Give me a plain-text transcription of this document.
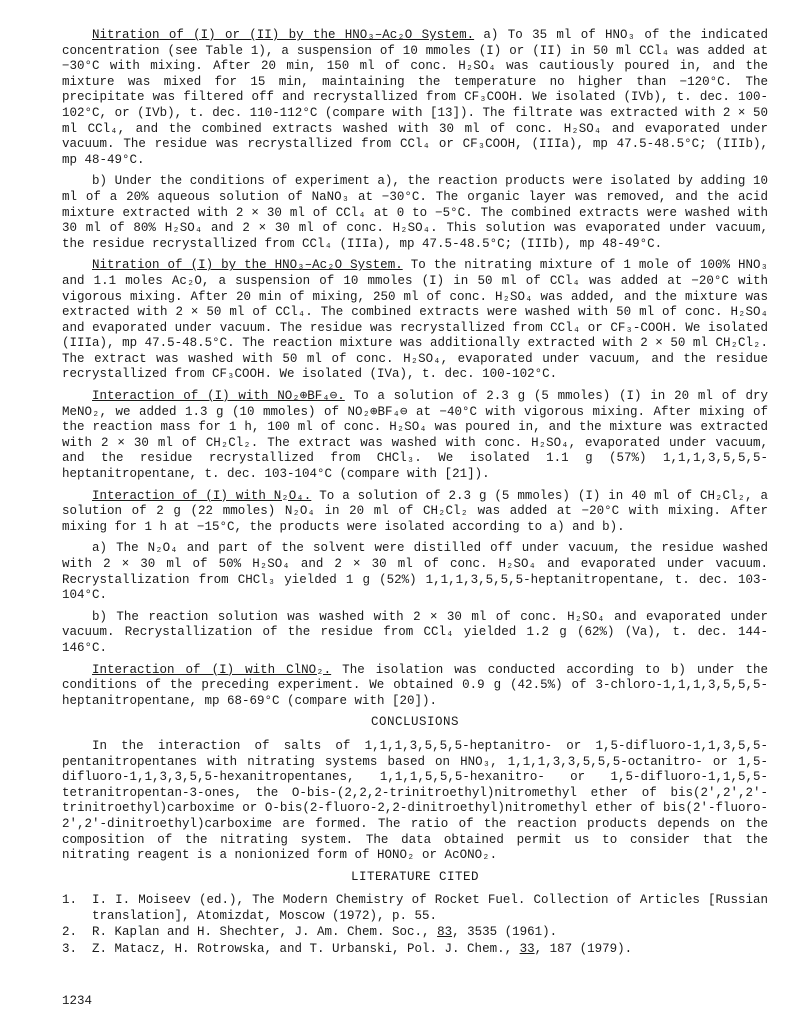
Nitration of (I) or (II) by the HNO₃–Ac₂O System. a) To 35 ml of HNO₃ of the indicated concentration (see Table 1), a suspension of 10 mmoles (I) or (II) in 50 ml CCl₄ was added at −30°C with mixing. After 20 min, 150 ml of conc. H₂SO₄ was cautiously poured in, and the mixture was mixed for 15 min, maintaining the temperature no higher than −120°C. The precipitate was filtered off and recrystallized from CF₃COOH. We isolated (IVb), t. dec. 100-102°C, or (IVb), t. dec. 110-112°C (compare with [13]). The filtrate was extracted with 2 × 50 ml CCl₄, and the combined extracts washed with 30 ml of conc. H₂SO₄ and evaporated under vacuum. The residue was recrystallized from CCl₄ or CF₃COOH, (IIIa), mp 47.5-48.5°C; (IIIb), mp 48-49°C.

b) Under the conditions of experiment a), the reaction products were isolated by adding 10 ml of a 20% aqueous solution of NaNO₃ at −30°C. The organic layer was removed, and the acid mixture extracted with 2 × 30 ml of CCl₄ at 0 to −5°C. The combined extracts were washed with 30 ml of 80% H₂SO₄ and 2 × 30 ml of conc. H₂SO₄. This solution was evaporated under vacuum, the residue recrystallized from CCl₄ (IIIa), mp 47.5-48.5°C; (IIIb), mp 48-49°C.

Nitration of (I) by the HNO₃–Ac₂O System. To the nitrating mixture of 1 mole of 100% HNO₃ and 1.1 moles Ac₂O, a suspension of 10 mmoles (I) in 50 ml of CCl₄ was added at −20°C with vigorous mixing. After 20 min of mixing, 250 ml of conc. H₂SO₄ was added, and the mixture was extracted with 2 × 50 ml of CCl₄. The combined extracts were washed with 50 ml of conc. H₂SO₄ and evaporated under vacuum. The residue was recrystallized from CCl₄ or CF₃-COOH. We isolated (IIIa), mp 47.5-48.5°C. The reaction mixture was additionally extracted with 2 × 50 ml CH₂Cl₂. The extract was washed with 50 ml of conc. H₂SO₄, evaporated under vacuum, and the residue recrystallized from CF₃COOH. We isolated (IVa), t. dec. 100-102°C.

Interaction of (I) with NO₂⊕BF₄⊖. To a solution of 2.3 g (5 mmoles) (I) in 20 ml of dry MeNO₂, we added 1.3 g (10 mmoles) of NO₂⊕BF₄⊖ at −40°C with vigorous mixing. After mixing of the reaction mass for 1 h, 100 ml of conc. H₂SO₄ was poured in, and the mixture was extracted with 2 × 30 ml of CH₂Cl₂. The extract was washed with conc. H₂SO₄, evaporated under vacuum, and the residue recrystallized from CHCl₃. We isolated 1.1 g (57%) 1,1,1,3,5,5,5-heptanitropentane, t. dec. 103-104°C (compare with [21]).

Interaction of (I) with N₂O₄. To a solution of 2.3 g (5 mmoles) (I) in 40 ml of CH₂Cl₂, a solution of 2 g (22 mmoles) N₂O₄ in 20 ml of CH₂Cl₂ was added at −20°C with mixing. After mixing for 1 h at −15°C, the products were isolated according to a) and b).

a) The N₂O₄ and part of the solvent were distilled off under vacuum, the residue washed with 2 × 30 ml of 50% H₂SO₄ and 2 × 30 ml of conc. H₂SO₄ and evaporated under vacuum. Recrystallization from CHCl₃ yielded 1 g (52%) 1,1,1,3,5,5,5-heptanitropentane, t. dec. 103-104°C.

b) The reaction solution was washed with 2 × 30 ml of conc. H₂SO₄ and evaporated under vacuum. Recrystallization of the residue from CCl₄ yielded 1.2 g (62%) (Va), t. dec. 144-146°C.

Interaction of (I) with ClNO₂. The isolation was conducted according to b) under the conditions of the preceding experiment. We obtained 0.9 g (42.5%) of 3-chloro-1,1,1,3,5,5,5-heptanitropentane, mp 68-69°C (compare with [20]).

CONCLUSIONS

In the interaction of salts of 1,1,1,3,5,5,5-heptanitro- or 1,5-difluoro-1,1,3,5,5-pentanitropentanes with nitrating systems based on HNO₃, 1,1,1,3,3,5,5,5-octanitro- or 1,5-difluoro-1,1,3,3,5,5-hexanitropentanes, 1,1,1,5,5,5-hexanitro- or 1,5-difluoro-1,1,5,5-tetranitropentan-3-ones, the O-bis-(2,2,2-trinitroethyl)nitromethyl ether of bis(2',2',2'-trinitroethyl)carboxime or O-bis(2-fluoro-2,2-dinitroethyl)nitromethyl ether of bis(2'-fluoro-2',2'-dinitroethyl)carboxime are formed. The ratio of the reaction products depends on the composition of the nitrating system. The data obtained permit us to consider that the nitrating reagent is a nonionized form of HONO₂ or AcONO₂.

LITERATURE CITED
1. I. I. Moiseev (ed.), The Modern Chemistry of Rocket Fuel. Collection of Articles [Russian translation], Atomizdat, Moscow (1972), p. 55.
2. R. Kaplan and H. Shechter, J. Am. Chem. Soc., 83, 3535 (1961).
3. Z. Matacz, H. Rotrowska, and T. Urbanski, Pol. J. Chem., 33, 187 (1979).
1234
